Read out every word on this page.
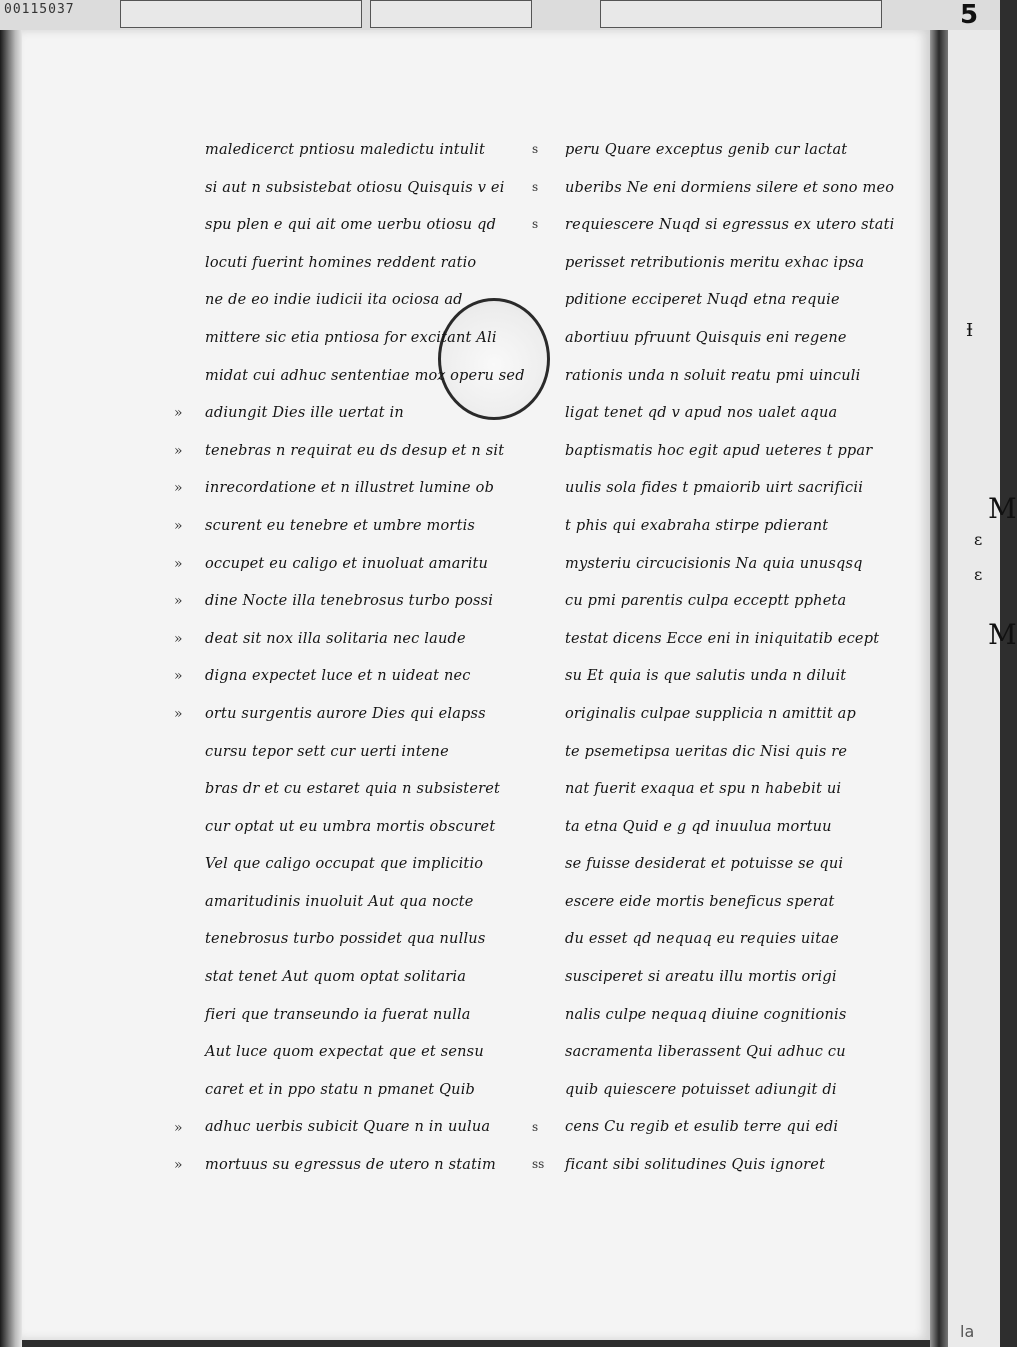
00115037	5
Ɨ
ɛ
M
ɛ
M
»
»
»
»
»
»
»
»
»
»
»
s
s
s
s
ss
maledicerct pntiosu maledictu intulit
si aut n subsistebat otiosu Quisquis v ei
spu plen e qui ait ome uerbu otiosu qd
locuti fuerint homines reddent ratio
ne de eo indie iudicii ita ociosa ad
mittere sic etia pntiosa for excitant Ali
midat cui adhuc sententiae moz operu sed
adiungit Dies ille uertat in
tenebras n requirat eu ds desup et n sit
inrecordatione et n illustret lumine ob
scurent eu tenebre et umbre mortis
occupet eu caligo et inuoluat amaritu
dine Nocte illa tenebrosus turbo possi
deat sit nox illa solitaria nec laude
digna expectet luce et n uideat nec
ortu surgentis aurore Dies qui elapss
cursu tepor sett cur uerti intene
bras dr et cu estaret quia n subsisteret
cur optat ut eu umbra mortis obscuret
Vel que caligo occupat que implicitio
amaritudinis inuoluit Aut qua nocte
tenebrosus turbo possidet qua nullus
stat tenet Aut quom optat solitaria
fieri que transeundo ia fuerat nulla
Aut luce quom expectat que et sensu
caret et in ppo statu n pmanet Quib
adhuc uerbis subicit Quare n in uulua
mortuus su egressus de utero n statim
peru Quare exceptus genib cur lactat
uberibs Ne eni dormiens silere et sono meo
requiescere Nuqd si egressus ex utero stati
perisset retributionis meritu exhac ipsa
pditione ecciperet Nuqd etna requie
abortiuu pfruunt Quisquis eni regene
rationis unda n soluit reatu pmi uinculi
ligat tenet qd v apud nos ualet aqua
baptismatis hoc egit apud ueteres t ppar
uulis sola fides t pmaiorib uirt sacrificii
t phis qui exabraha stirpe pdierant
mysteriu circucisionis Na quia unusqsq
cu pmi parentis culpa ecceptt ppheta
testat dicens Ecce eni in iniquitatib ecept
su Et quia is que salutis unda n diluit
originalis culpae supplicia n amittit ap
te psemetipsa ueritas dic Nisi quis re
nat fuerit exaqua et spu n habebit ui
ta etna Quid e g qd inuulua mortuu
se fuisse desiderat et potuisse se qui
escere eide mortis beneficus sperat
du esset qd nequaq eu requies uitae
susciperet si areatu illu mortis origi
nalis culpe nequaq diuine cognitionis
sacramenta liberassent Qui adhuc cu
quib quiescere potuisset adiungit di
cens Cu regib et esulib terre qui edi
ficant sibi solitudines Quis ignoret
la
